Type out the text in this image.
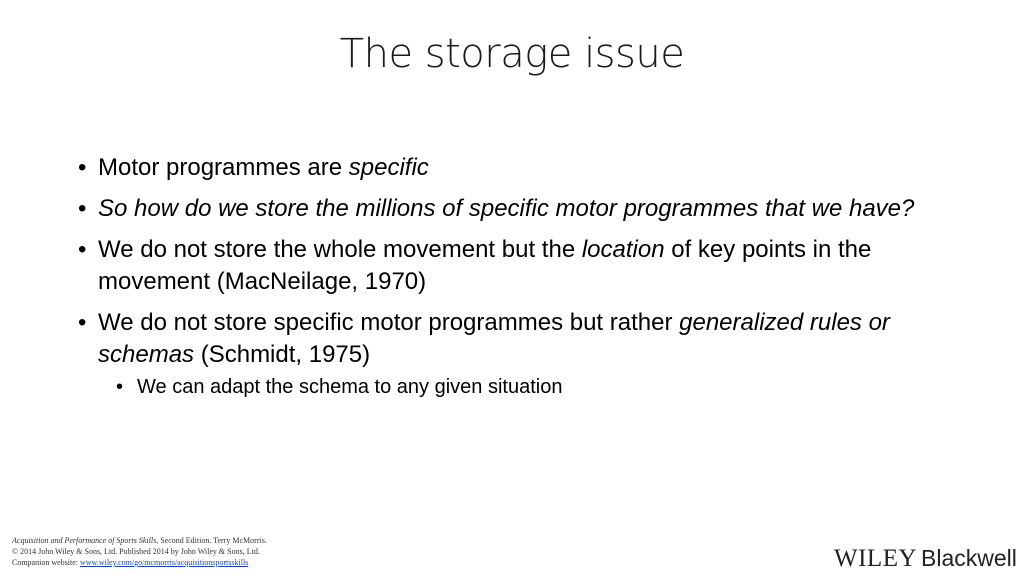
The storage issue
• Motor programmes are specific
• So how do we store the millions of specific motor programmes that we have?
• We do not store the whole movement but the location of key points in the movement (MacNeilage, 1970)
• We do not store specific motor programmes but rather generalized rules or schemas (Schmidt, 1975)
• We can adapt the schema to any given situation
Acquisition and Performance of Sports Skills, Second Edition. Terry McMorris.
© 2014 John Wiley & Sons, Ltd. Published 2014 by John Wiley & Sons, Ltd.
Companion website: www.wiley.com/go/mcmorris/acquisitionsportsskills	WILEY Blackwell
